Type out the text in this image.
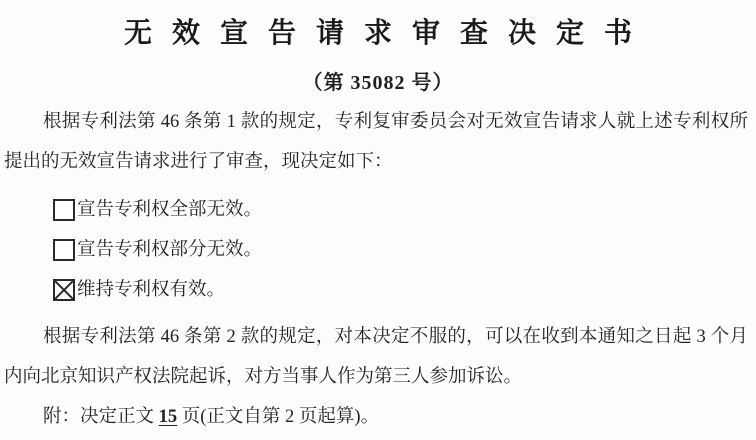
无效宣告请求审查决定书
（第 35082 号）

根据专利法第 46 条第 1 款的规定，专利复审委员会对无效宣告请求人就上述专利权所提出的无效宣告请求进行了审查，现决定如下：

宣告专利权全部无效。
宣告专利权部分无效。
维持专利权有效。

根据专利法第 46 条第 2 款的规定，对本决定不服的，可以在收到本通知之日起 3 个月内向北京知识产权法院起诉，对方当事人作为第三人参加诉讼。

附：决定正文 15 页(正文自第 2 页起算)。
